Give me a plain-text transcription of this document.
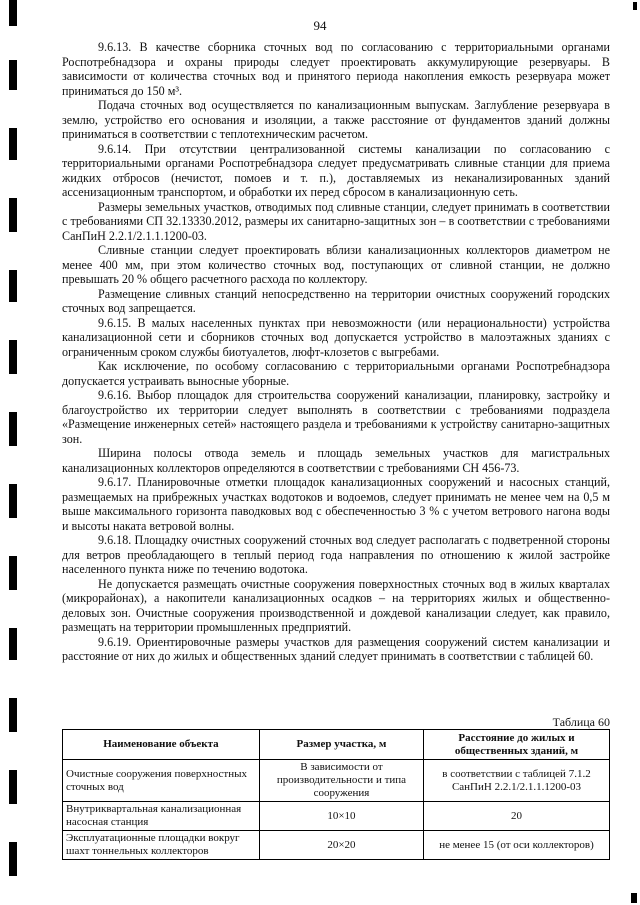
94

9.6.13. В качестве сборника сточных вод по согласованию с территориальными органами Роспотребнадзора и охраны природы следует проектировать аккумулирующие резервуары. В зависимости от количества сточных вод и принятого периода накопления емкость резервуара может приниматься до 150 м³.

Подача сточных вод осуществляется по канализационным выпускам. Заглубление резервуара в землю, устройство его основания и изоляции, а также расстояние от фундаментов зданий должны приниматься в соответствии с теплотехническим расчетом.

9.6.14. При отсутствии централизованной системы канализации по согласованию с территориальными органами Роспотребнадзора следует предусматривать сливные станции для приема жидких отбросов (нечистот, помоев и т. п.), доставляемых из неканализированных зданий ассенизационным транспортом, и обработки их перед сбросом в канализационную сеть.

Размеры земельных участков, отводимых под сливные станции, следует принимать в соответствии с требованиями СП 32.13330.2012, размеры их санитарно-защитных зон – в соответствии с требованиями СанПиН 2.2.1/2.1.1.1200-03.

Сливные станции следует проектировать вблизи канализационных коллекторов диаметром не менее 400 мм, при этом количество сточных вод, поступающих от сливной станции, не должно превышать 20 % общего расчетного расхода по коллектору.

Размещение сливных станций непосредственно на территории очистных сооружений городских сточных вод запрещается.

9.6.15. В малых населенных пунктах при невозможности (или нерациональности) устройства канализационной сети и сборников сточных вод допускается устройство в малоэтажных зданиях с ограниченным сроком службы биотуалетов, люфт-клозетов с выгребами.

Как исключение, по особому согласованию с территориальными органами Роспотребнадзора допускается устраивать выносные уборные.

9.6.16. Выбор площадок для строительства сооружений канализации, планировку, застройку и благоустройство их территории следует выполнять в соответствии с требованиями подраздела «Размещение инженерных сетей» настоящего раздела и требованиями к устройству санитарно-защитных зон.

Ширина полосы отвода земель и площадь земельных участков для магистральных канализационных коллекторов определяются в соответствии с требованиями СН 456-73.

9.6.17. Планировочные отметки площадок канализационных сооружений и насосных станций, размещаемых на прибрежных участках водотоков и водоемов, следует принимать не менее чем на 0,5 м выше максимального горизонта паводковых вод с обеспеченностью 3 % с учетом ветрового нагона воды и высоты наката ветровой волны.

9.6.18. Площадку очистных сооружений сточных вод следует располагать с подветренной стороны для ветров преобладающего в теплый период года направления по отношению к жилой застройке населенного пункта ниже по течению водотока.

Не допускается размещать очистные сооружения поверхностных сточных вод в жилых кварталах (микрорайонах), а накопители канализационных осадков – на территориях жилых и общественно-деловых зон. Очистные сооружения производственной и дождевой канализации следует, как правило, размещать на территории промышленных предприятий.

9.6.19. Ориентировочные размеры участков для размещения сооружений систем канализации и расстояние от них до жилых и общественных зданий следует принимать в соответствии с таблицей 60.

Таблица 60
Наименование объекта	Размер участка, м	Расстояние до жилых и общественных зданий, м
Очистные сооружения поверхностных сточных вод	В зависимости от производительности и типа сооружения	в соответствии с таблицей 7.1.2 СанПиН 2.2.1/2.1.1.1200-03
Внутриквартальная канализационная насосная станция	10×10	20
Эксплуатационные площадки вокруг шахт тоннельных коллекторов	20×20	не менее 15 (от оси коллекторов)
